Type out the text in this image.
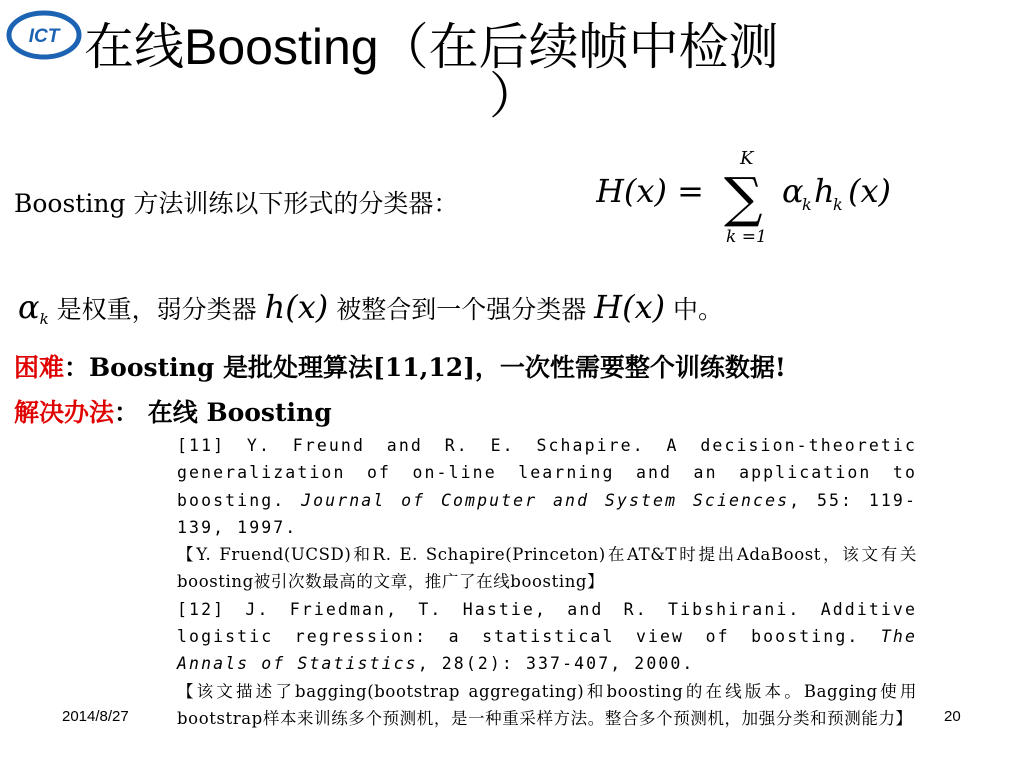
ICT 在线Boosting（在后续帧中检测
）
Boosting 方法训练以下形式的分类器：	H(x) =
K
∑
k =1
α
k h
k (x)
$\alpha_k$ 是权重，弱分类器 h(x) 被整合到一个强分类器 H(x) 中。
困难：Boosting 是批处理算法[11,12]，一次性需要整个训练数据!
解决办法： 在线 Boosting

[11] Y. Freund and R. E. Schapire. A decision-theoretic generalization of on-line learning and an application to boosting. Journal of Computer and System Sciences, 55: 119-139, 1997.

【Y. Fruend(UCSD)和R. E. Schapire(Princeton)在AT&T时提出AdaBoost，该文有关boosting被引次数最高的文章，推广了在线boosting】

[12] J. Friedman, T. Hastie, and R. Tibshirani. Additive logistic regression: a statistical view of boosting. The Annals of Statistics, 28(2): 337-407, 2000.

【该文描述了bagging(bootstrap aggregating)和boosting的在线版本。Bagging使用bootstrap样本来训练多个预测机，是一种重采样方法。整合多个预测机，加强分类和预测能力】

2014/8/27	20
